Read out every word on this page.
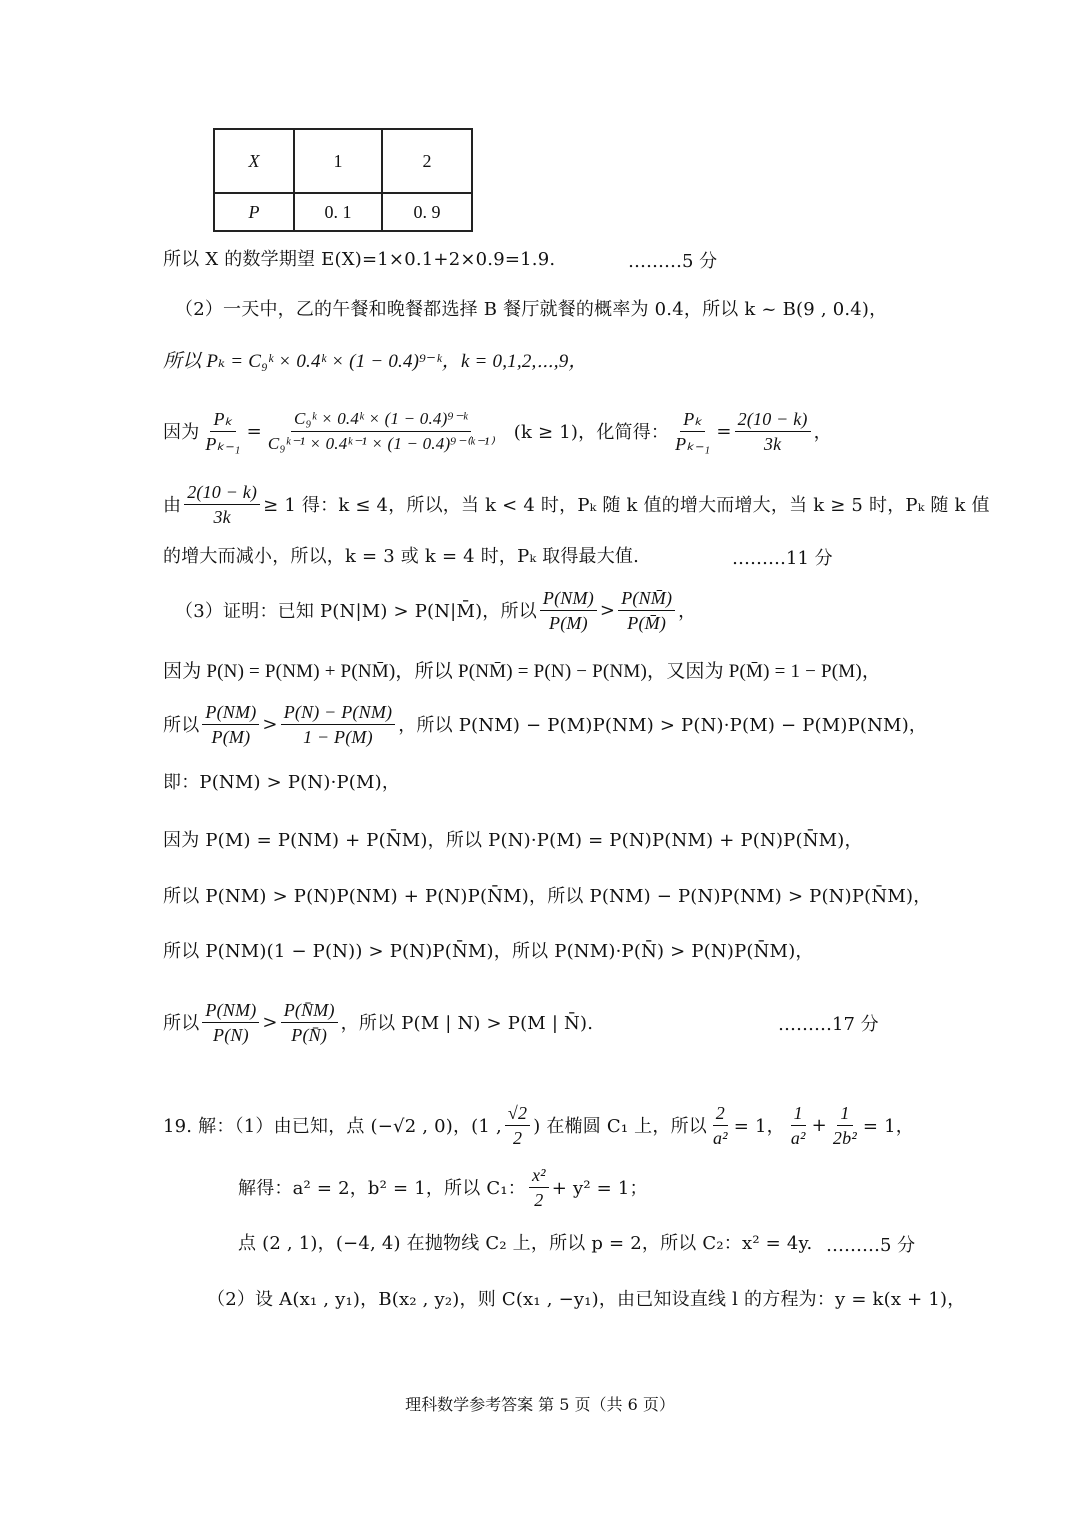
X	1	2
P	0. 1	0. 9
所以 X 的数学期望 E(X)=1×0.1+2×0.9=1.9.	………5 分
（2）一天中，乙的午餐和晚餐都选择 B 餐厅就餐的概率为 0.4，所以 k ~ B(9 , 0.4)，
所以 Pₖ = C₉ᵏ × 0.4ᵏ × (1 − 0.4)⁹⁻ᵏ，k = 0,1,2,⋯,9，
因为 $\frac{\text{Pₖ}}{\text{Pₖ₋₁}} = \frac{\text{C₉ᵏ × 0.4ᵏ × (1 − 0.4)⁹⁻ᵏ}}{\text{C₉ᵏ⁻¹ × 0.4ᵏ⁻¹ × (1 − 0.4)⁹⁻⁽ᵏ⁻¹⁾}} (k \ge 1)$，化简得： $\frac{\text{Pₖ}}{\text{Pₖ₋₁}} = \frac{2(10 - k)}{3k}$ ，
由 $\frac{2(10 - k)}{3k} \ge 1$ 得：k ≤ 4，所以，当 k < 4 时，Pₖ 随 k 值的增大而增大，当 k ≥ 5 时，Pₖ 随 k 值
的增大而减小，所以，k = 3 或 k = 4 时，Pₖ 取得最大值.	………11 分
（3）证明：已知 P(N|M) > P(N|M̄)，所以 $\frac{P(NM)}{P(M)} > \frac{P(NM̄)}{P(M̄)}$ ，
因为 P(N) = P(NM) + P(NM̄)，所以 P(NM̄) = P(N) − P(NM)，又因为 P(M̄) = 1 − P(M)，
所以 $\frac{P(NM)}{P(M)} > \frac{P(N) - P(NM)}{1 - P(M)}$ ，所以 P(NM) − P(M)P(NM) > P(N)·P(M) − P(M)P(NM)，
即：P(NM) > P(N)·P(M)，
因为 P(M) = P(NM) + P(N̄M)，所以 P(N)·P(M) = P(N)P(NM) + P(N)P(N̄M)，
所以 P(NM) > P(N)P(NM) + P(N)P(N̄M)，所以 P(NM) − P(N)P(NM) > P(N)P(N̄M)，
所以 P(NM)(1 − P(N)) > P(N)P(N̄M)，所以 P(NM)·P(N̄) > P(N)P(N̄M)，
所以 $\frac{P(NM)}{P(N)} > \frac{P(N̄M)}{P(N̄)}$ ，所以 P(M | N) > P(M | N̄).	………17 分
19. 解：（1）由已知，点 (−√2 , 0)，(1 , $\frac{√2}{2}$ ) 在椭圆 C₁ 上，所以 $\frac{2}{\text{a²}} = 1$， $\frac{1}{\text{a²}} + \frac{1}{\text{2b²}} = 1$，
解得：a² = 2，b² = 1，所以 C₁： $\frac{\text{x²}}{2} + y^2 = 1$；
点 (2 , 1)，(−4, 4) 在抛物线 C₂ 上，所以 p = 2，所以 C₂：x² = 4y. ………5 分
（2）设 A(x₁ , y₁)，B(x₂ , y₂)，则 C(x₁ , −y₁)，由已知设直线 l 的方程为：y = k(x + 1)，
理科数学参考答案 第 5 页（共 6 页）
